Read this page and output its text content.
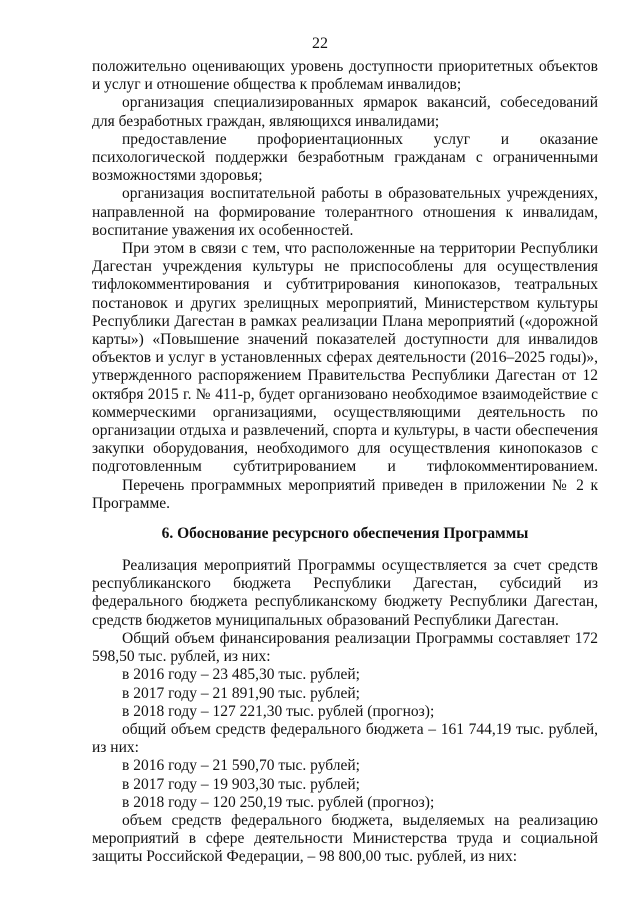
22

положительно оценивающих уровень доступности приоритетных объектов и услуг и отношение общества к проблемам инвалидов;

организация специализированных ярмарок вакансий, собеседований для безработных граждан, являющихся инвалидами;

предоставление профориентационных услуг и оказание психологической поддержки безработным гражданам с ограниченными возможностями здоровья;

организация воспитательной работы в образовательных учреждениях, направленной на формирование толерантного отношения к инвалидам, воспитание уважения их особенностей.

При этом в связи с тем, что расположенные на территории Республики Дагестан учреждения культуры не приспособлены для осуществления тифлокомментирования и субтитрирования кинопоказов, театральных постановок и других зрелищных мероприятий, Министерством культуры Республики Дагестан в рамках реализации Плана мероприятий («дорожной карты») «Повышение значений показателей доступности для инвалидов объектов и услуг в установленных сферах деятельности (2016–2025 годы)», утвержденного распоряжением Правительства Республики Дагестан от 12 октября 2015 г. № 411-р, будет организовано необходимое взаимодействие с коммерческими организациями, осуществляющими деятельность по организации отдыха и развлечений, спорта и культуры, в части обеспечения закупки оборудования, необходимого для осуществления кинопоказов с подготовленным субтитрированием и тифлокомментированием.

Перечень программных мероприятий приведен в приложении № 2 к Программе.

6. Обоснование ресурсного обеспечения Программы

Реализация мероприятий Программы осуществляется за счет средств республиканского бюджета Республики Дагестан, субсидий из федерального бюджета республиканскому бюджету Республики Дагестан, средств бюджетов муниципальных образований Республики Дагестан.

Общий объем финансирования реализации Программы составляет 172 598,50 тыс. рублей, из них:

в 2016 году – 23 485,30 тыс. рублей;
в 2017 году – 21 891,90 тыс. рублей;
в 2018 году – 127 221,30 тыс. рублей (прогноз);

общий объем средств федерального бюджета – 161 744,19 тыс. рублей, из них:

в 2016 году – 21 590,70 тыс. рублей;
в 2017 году – 19 903,30 тыс. рублей;
в 2018 году – 120 250,19 тыс. рублей (прогноз);

объем средств федерального бюджета, выделяемых на реализацию мероприятий в сфере деятельности Министерства труда и социальной защиты Российской Федерации, – 98 800,00 тыс. рублей, из них:
